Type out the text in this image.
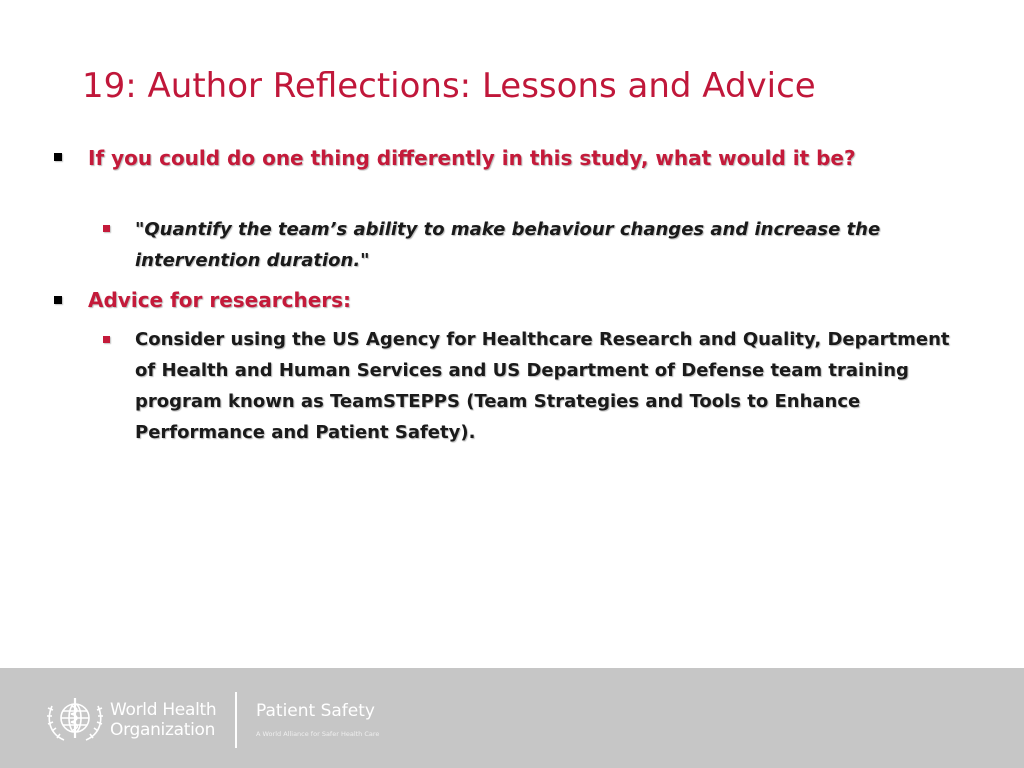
19: Author Reflections: Lessons and Advice
If you could do one thing differently in this study, what would it be?
"Quantify the team’s ability to make behaviour changes and increase the intervention duration."
Advice for researchers:
Consider using the US Agency for Healthcare Research and Quality, Department of Health and Human Services and US Department of Defense team training program known as TeamSTEPPS (Team Strategies and Tools to Enhance Performance and Patient Safety).
World Health
Organization
Patient Safety
A World Alliance for Safer Health Care
